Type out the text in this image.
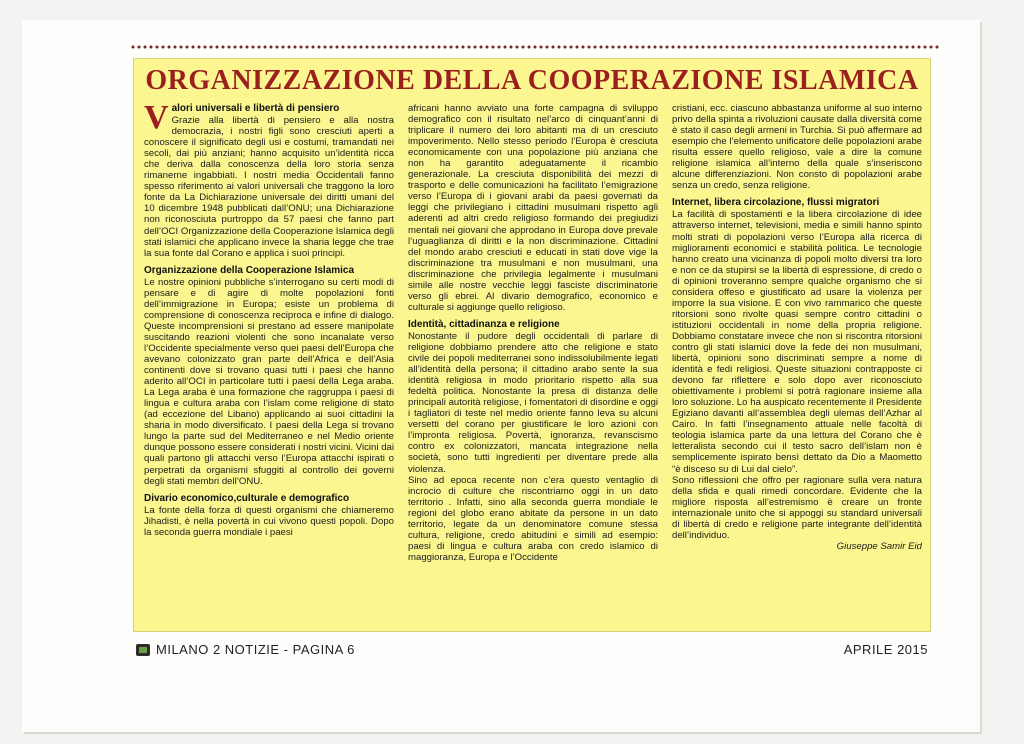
ORGANIZZAZIONE DELLA COOPERAZIONE ISLAMICA
Valori universali e libertà di pensiero

Grazie alla libertà di pensiero e alla nostra democrazia, i nostri figli sono cresciuti aperti a conoscere il significato degli usi e costumi, tramandati nei secoli, dai più anziani; hanno acquisito un’identità ricca che deriva dalla conoscenza della loro storia senza rimanerne ingabbiati. I nostri media Occidentali fanno spesso riferimento ai valori universali che traggono la loro fonte da La Dichiarazione universale dei diritti umani del 10 dicembre 1948 pubblicati dall’ONU; una Dichiarazione non riconosciuta purtroppo da 57 paesi che fanno part dell’OCI Organizzazione della Cooperazione Islamica degli stati islamici che applicano invece la sharia legge che trae la sua fonte dal Corano e applica i suoi principi.

Organizzazione della Cooperazione Islamica

Le nostre opinioni pubbliche s’interrogano su certi modi di pensare e di agire di molte popolazioni fonti dell’immigrazione in Europa; esiste un problema di comprensione di conoscenza reciproca e infine di dialogo. Queste incomprensioni si prestano ad essere manipolate suscitando reazioni violenti che sono incanalate verso l’Occidente specialmente verso quei paesi dell’Europa che avevano colonizzato gran parte dell’Africa e dell’Asia continenti dove si trovano quasi tutti i paesi che hanno aderito all’OCI in particolare tutti i paesi della Lega araba. La Lega araba è una formazione che raggruppa i paesi di lingua e cultura araba con l’islam come religione di stato (ad eccezione del Libano) applicando ai suoi cittadini la sharia in modo diversificato. I paesi della Lega si trovano lungo la parte sud del Mediterraneo e nel Medio oriente dunque possono essere considerati i nostri vicini. Vicini dai quali partono gli attacchi verso l’Europa attacchi ispirati o perpetrati da organismi sfuggiti al controllo dei governi degli stati membri dell’ONU.

Divario economico,culturale e demografico

La fonte della forza di questi organismi che chiameremo Jihadisti, è nella povertà in cui vivono questi popoli. Dopo la seconda guerra mondiale i paesi

africani hanno avviato una forte campagna di sviluppo demografico con il risultato nel’arco di cinquant’anni di triplicare il numero dei loro abitanti ma di un cresciuto impoverimento. Nello stesso periodo l’Europa è cresciuta economicamente con una popolazione più anziana che non ha garantito adeguatamente il ricambio generazionale. La cresciuta disponibilità dei mezzi di trasporto e delle comunicazioni ha facilitato l’emigrazione verso l’Europa di i giovani arabi da paesi governati da leggi che privilegiano i cittadini musulmani rispetto agli aderenti ad altri credo religioso formando dei pregiudizi mentali nei giovani che approdano in Europa dove prevale l’uguaglianza di diritti e la non discriminazione. Cittadini del mondo arabo cresciuti e educati in stati dove vige la discriminazione tra musulmani e non musulmani, una discriminazione che privilegia legalmente i musulmani simile alle nostre vecchie leggi fasciste discriminatorie verso gli ebrei. Al divario demografico, economico e culturale si aggiunge quello religioso.

Identità, cittadinanza e religione

Nonostante il pudore degli occidentali di parlare di religione dobbiamo prendere atto che religione e stato civile dei popoli mediterranei sono indissolubilmente legati all’identità della persona; il cittadino arabo sente la sua identità religiosa in modo prioritario rispetto alla sua fedeltà politica. Nonostante la presa di distanza delle principali autorità religiose, i fomentatori di disordine e oggi i tagliatori di teste nel medio oriente fanno leva su alcuni versetti del corano per giustificare le loro azioni con l’impronta religiosa. Povertà, ignoranza, revanscismo contro ex colonizzatori, mancata integrazione nella società, sono tutti ingredienti per diventare prede alla violenza.

Sino ad epoca recente non c’era questo ventaglio di incrocio di culture che riscontriamo oggi in un dato territorio . Infatti, sino alla seconda guerra mondiale le regioni del globo erano abitate da persone in un dato territorio, legate da un denominatore comune stessa cultura, religione, credo abitudini e simili ad esempio: paesi di lingua e cultura araba con credo islamico di maggioranza, Europa e l’Occidente

cristiani, ecc. ciascuno abbastanza uniforme al suo interno privo della spinta a rivoluzioni causate dalla diversità come è stato il caso degli armeni in Turchia. Si può affermare ad esempio che l’elemento unificatore delle popolazioni arabe risulta essere quello religioso, vale a dire la comune religione islamica all’interno della quale s’inseriscono alcune differenziazioni. Non consto di popolazioni arabe senza un credo, senza religione.

Internet, libera circolazione, flussi migratori

La facilità di spostamenti e la libera circolazione di idee attraverso internet, televisioni, media e simili hanno spinto molti strati di popolazioni verso l’Europa alla ricerca di miglioramenti economici e stabilità politica. Le tecnologie hanno creato una vicinanza di popoli molto diversi tra loro e non ce da stupirsi se la libertà di espressione, di credo o di opinioni troveranno sempre qualche organismo che si considera offeso e giustificato ad usare la violenza per imporre la sua visione. E con vivo rammarico che queste ritorsioni sono rivolte quasi sempre contro cittadini o istituzioni occidentali in nome della propria religione. Dobbiamo constatare invece che non si riscontra ritorsioni contro gli stati islamici dove la fede dei non musulmani, libertà, opinioni sono discriminati sempre a nome di identità e fedi religiosi. Queste situazioni contrapposte ci devono far riflettere e solo dopo aver riconosciuto obiettivamente i problemi si potrà ragionare insieme alla loro soluzione. Lo ha auspicato recentemente il Presidente Egiziano davanti all’assemblea degli ulemas dell’Azhar al Cairo. In fatti l’insegnamento attuale nelle facoltà di teologia islamica parte da una lettura del Corano che è letteralista secondo cui il testo sacro dell’islam non è semplicemente ispirato bensì dettato da Dio a Maometto “è disceso su di Lui dal cielo”.

Sono riflessioni che offro per ragionare sulla vera natura della sfida e quali rimedi concordare. Evidente che la migliore risposta all’estremismo è creare un fronte internazionale unito che si appoggi su standard universali di libertà di credo e religione parte integrante dell’identità dell’individuo.

Giuseppe Samir Eid

MILANO 2 NOTIZIE - PAGINA 6	APRILE 2015
